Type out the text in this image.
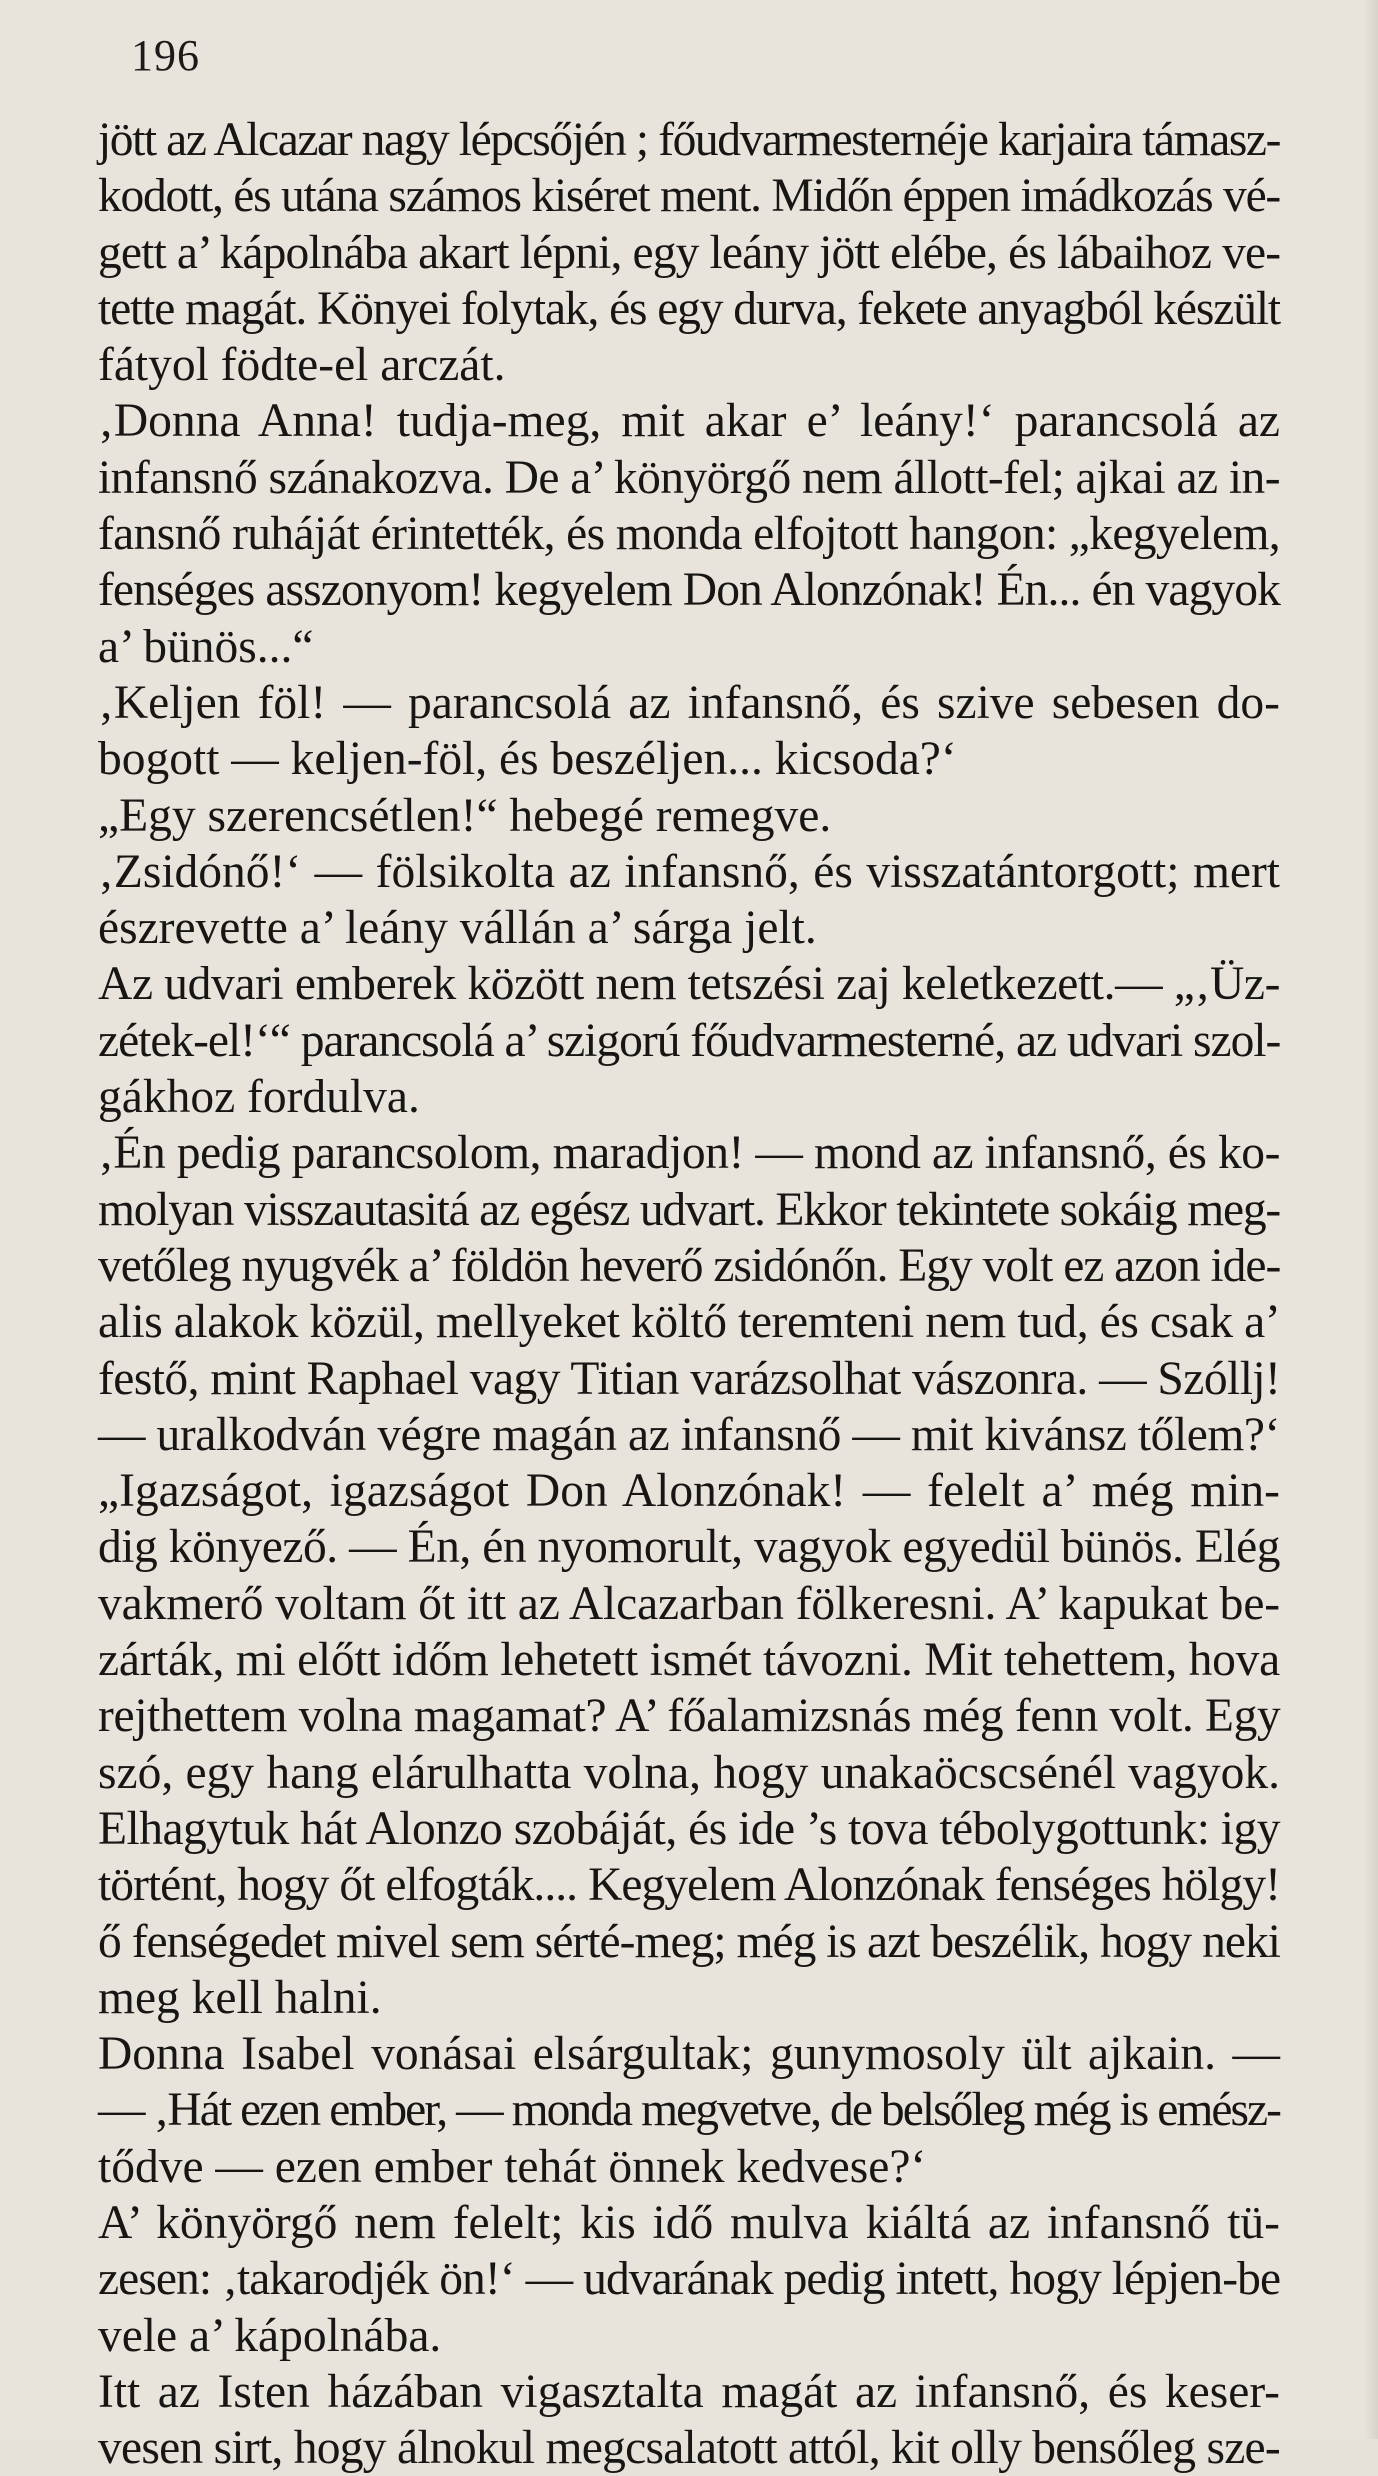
196
jött az Alcazar nagy lépcsőjén ; főudvarmesternéje karjaira támasz-
kodott, és utána számos kiséret ment. Midőn éppen imádkozás vé-
gett a’ kápolnába akart lépni, egy leány jött elébe, és lábaihoz ve-
tette magát. Könyei folytak, és egy durva, fekete anyagból készült
fátyol födte-el arczát.
‚Donna Anna! tudja-meg, mit akar e’ leány!‘ parancsolá az
infansnő szánakozva. De a’ könyörgő nem állott-fel; ajkai az in-
fansnő ruháját érintették, és monda elfojtott hangon: „kegyelem,
fenséges asszonyom! kegyelem Don Alonzónak! Én... én vagyok
a’ bünös...“
‚Keljen föl! — parancsolá az infansnő, és szive sebesen do-
bogott — keljen-föl, és beszéljen... kicsoda?‘
„Egy szerencsétlen!“ hebegé remegve.
‚Zsidónő!‘ — fölsikolta az infansnő, és visszatántorgott; mert
észrevette a’ leány vállán a’ sárga jelt.
Az udvari emberek között nem tetszési zaj keletkezett.— „‚Üz-
zétek-el!‘“ parancsolá a’ szigorú főudvarmesterné, az udvari szol-
gákhoz fordulva.
‚Én pedig parancsolom, maradjon! — mond az infansnő, és ko-
molyan visszautasitá az egész udvart. Ekkor tekintete sokáig meg-
vetőleg nyugvék a’ földön heverő zsidónőn. Egy volt ez azon ide-
alis alakok közül, mellyeket költő teremteni nem tud, és csak a’
festő, mint Raphael vagy Titian varázsolhat vászonra. — Szóllj!
— uralkodván végre magán az infansnő — mit kivánsz tőlem?‘
„Igazságot, igazságot Don Alonzónak! — felelt a’ még min-
dig könyező. — Én, én nyomorult, vagyok egyedül bünös. Elég
vakmerő voltam őt itt az Alcazarban fölkeresni. A’ kapukat be-
zárták, mi előtt időm lehetett ismét távozni. Mit tehettem, hova
rejthettem volna magamat? A’ főalamizsnás még fenn volt. Egy
szó, egy hang elárulhatta volna, hogy unakaöcscsénél vagyok.
Elhagytuk hát Alonzo szobáját, és ide ’s tova tébolygottunk: igy
történt, hogy őt elfogták.... Kegyelem Alonzónak fenséges hölgy!
ő fenségedet mivel sem sérté-meg; még is azt beszélik, hogy neki
meg kell halni.
Donna Isabel vonásai elsárgultak; gunymosoly ült ajkain. —
— ‚Hát ezen ember, — monda megvetve, de belsőleg még is emész-
tődve — ezen ember tehát önnek kedvese?‘
A’ könyörgő nem felelt; kis idő mulva kiáltá az infansnő tü-
zesen: ‚takarodjék ön!‘ — udvarának pedig intett, hogy lépjen-be
vele a’ kápolnába.
Itt az Isten házában vigasztalta magát az infansnő, és keser-
vesen sirt, hogy álnokul megcsalatott attól, kit olly bensőleg sze-
